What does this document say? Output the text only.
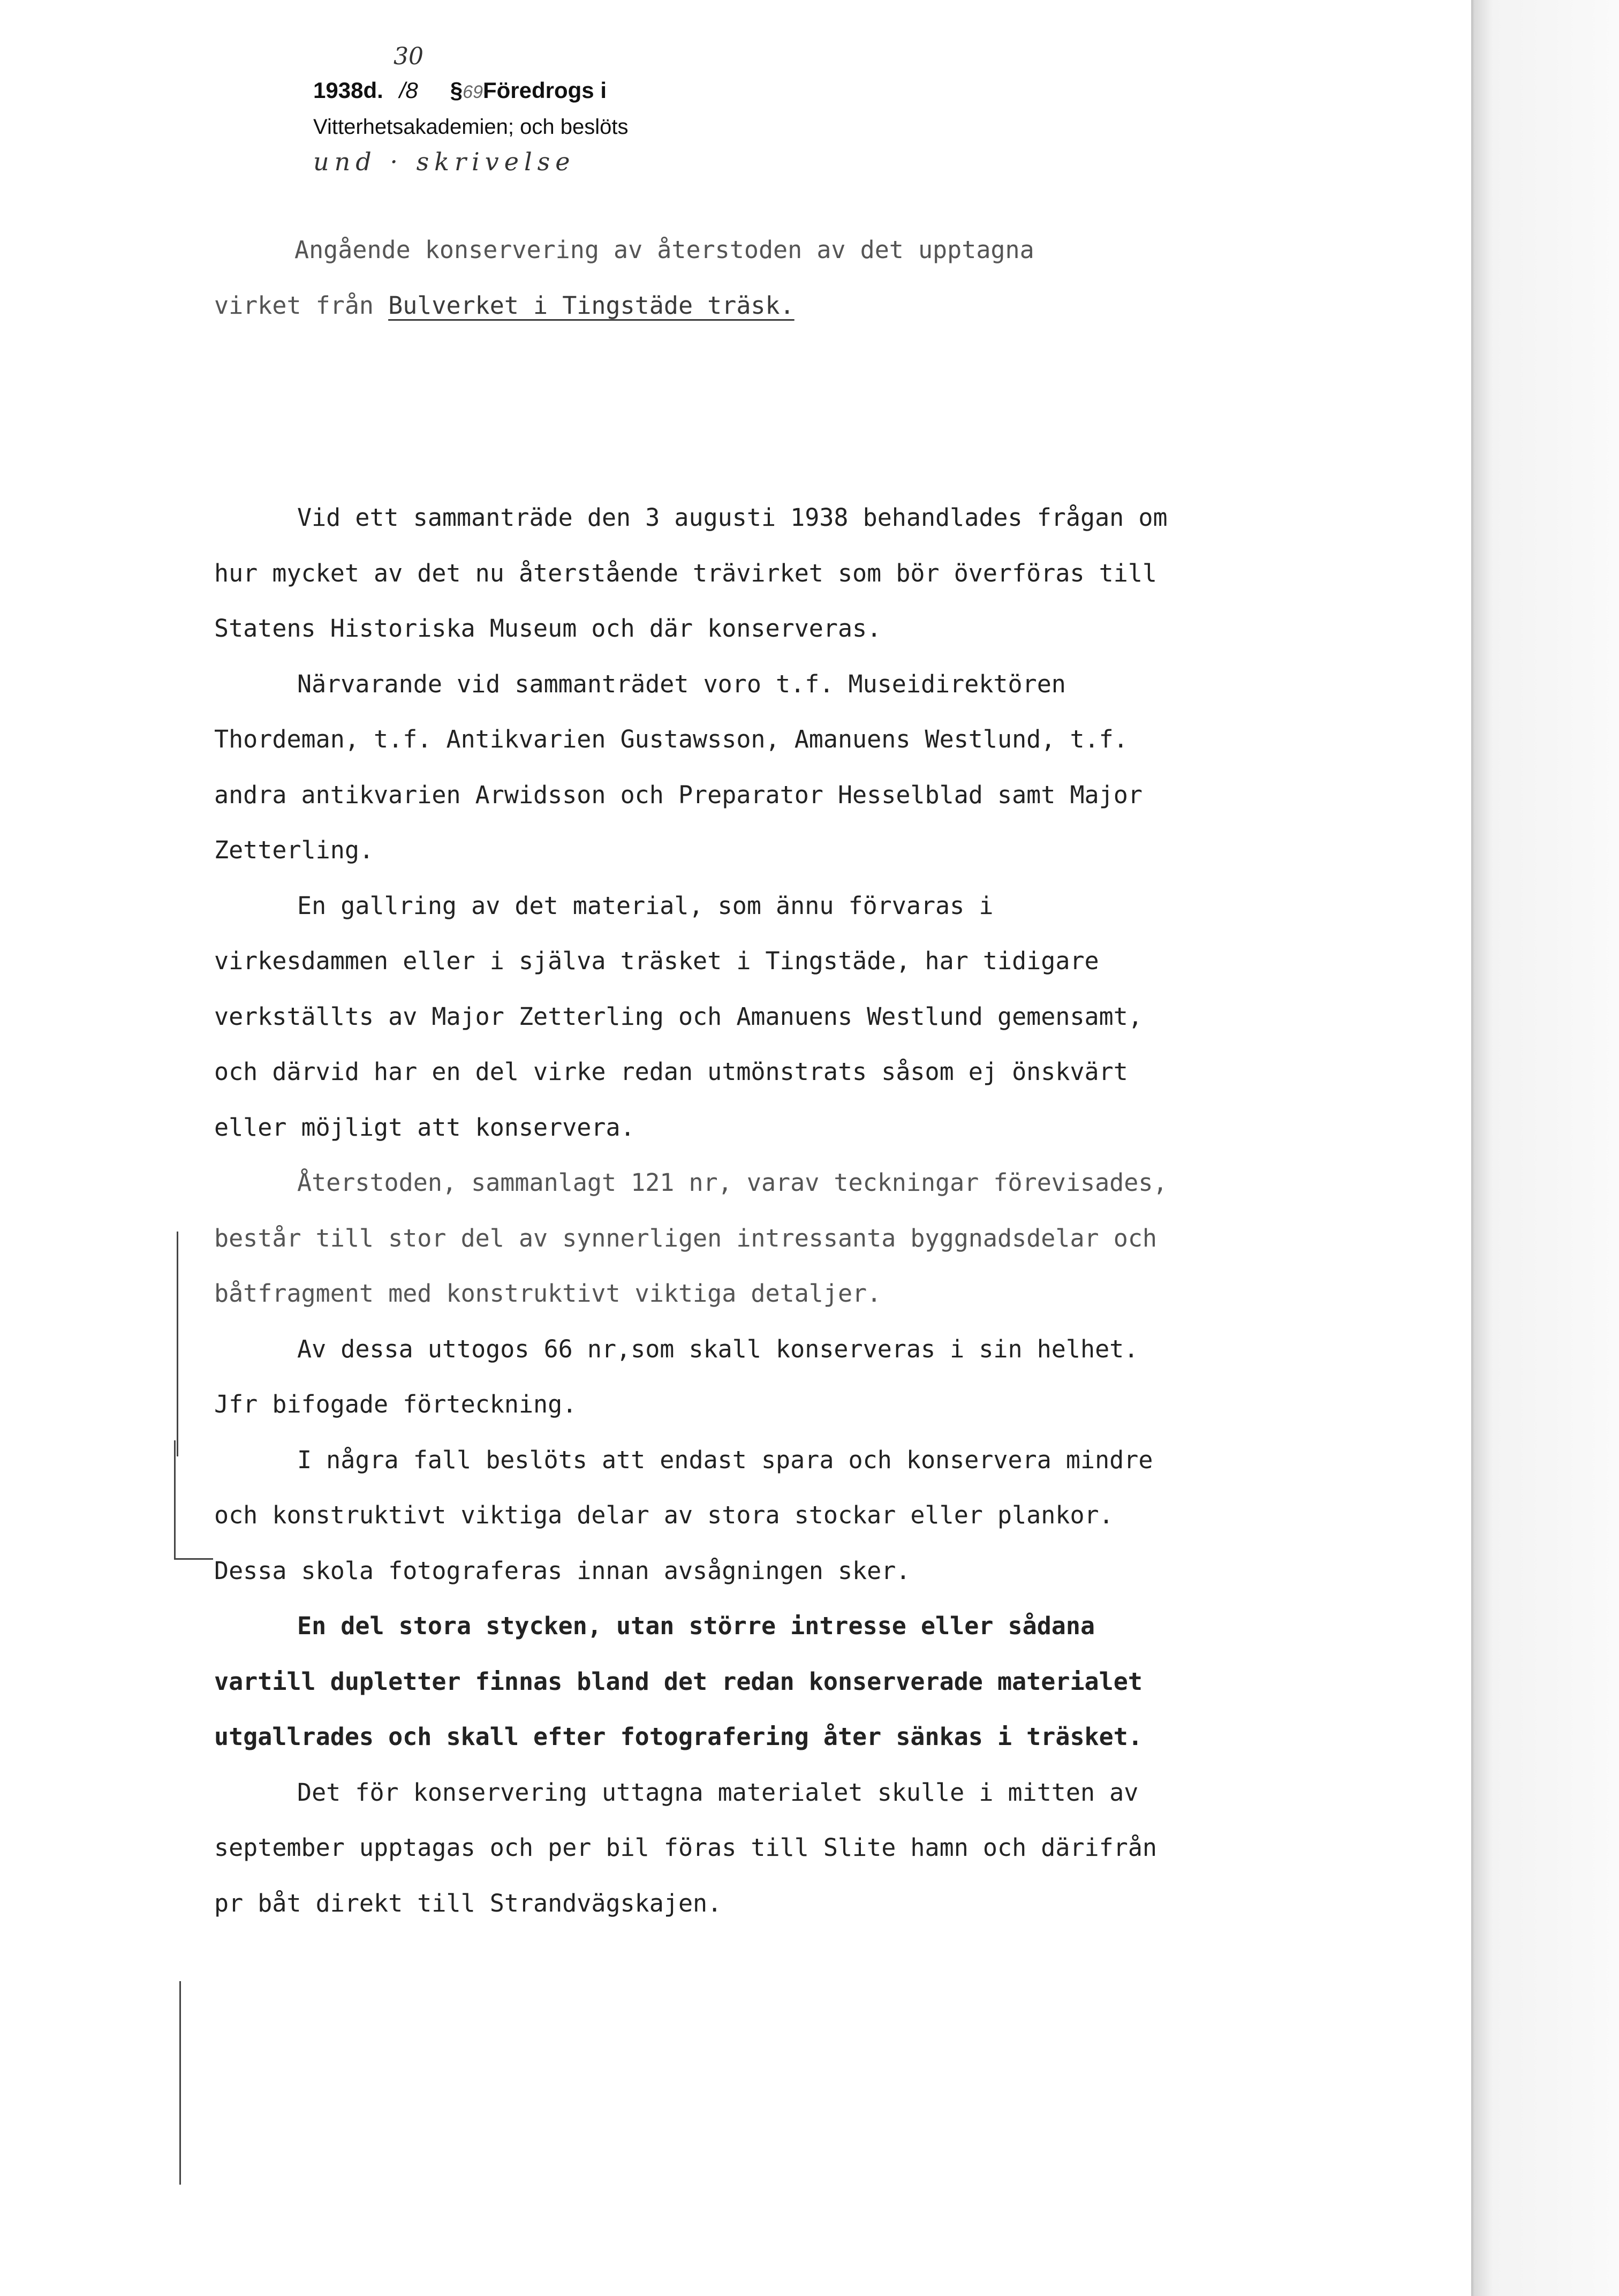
30
1938d. /8 §69Föredrogs i
Vitterhetsakademien; och beslöts
und · skrivelse
Angående konservering av återstoden av det upptagna
virket från Bulverket i Tingstäde träsk.

Vid ett sammanträde den 3 augusti 1938 behandlades frågan om hur mycket av det nu återstående trävirket som bör överföras till Statens Historiska Museum och där konserveras.

Närvarande vid sammanträdet voro t.f. Museidirektören Thordeman, t.f. Antikvarien Gustawsson, Amanuens Westlund, t.f. andra antikvarien Arwidsson och Preparator Hesselblad samt Major Zetterling.

En gallring av det material, som ännu förvaras i virkesdammen eller i själva träsket i Tingstäde, har tidigare verkställts av Major Zetterling och Amanuens Westlund gemensamt, och därvid har en del virke redan utmönstrats såsom ej önskvärt eller möjligt att konservera.

Återstoden, sammanlagt 121 nr, varav teckningar förevisades, består till stor del av synnerligen intressanta byggnadsdelar och båtfragment med konstruktivt viktiga detaljer.

Av dessa uttogos 66 nr,som skall konserveras i sin helhet. Jfr bifogade förteckning.

I några fall beslöts att endast spara och konservera mindre och konstruktivt viktiga delar av stora stockar eller plankor. Dessa skola fotograferas innan avsågningen sker.

En del stora stycken, utan större intresse eller sådana vartill dupletter finnas bland det redan konserverade materialet utgallrades och skall efter fotografering åter sänkas i träsket.

Det för konservering uttagna materialet skulle i mitten av september upptagas och per bil föras till Slite hamn och därifrån pr båt direkt till Strandvägskajen.
